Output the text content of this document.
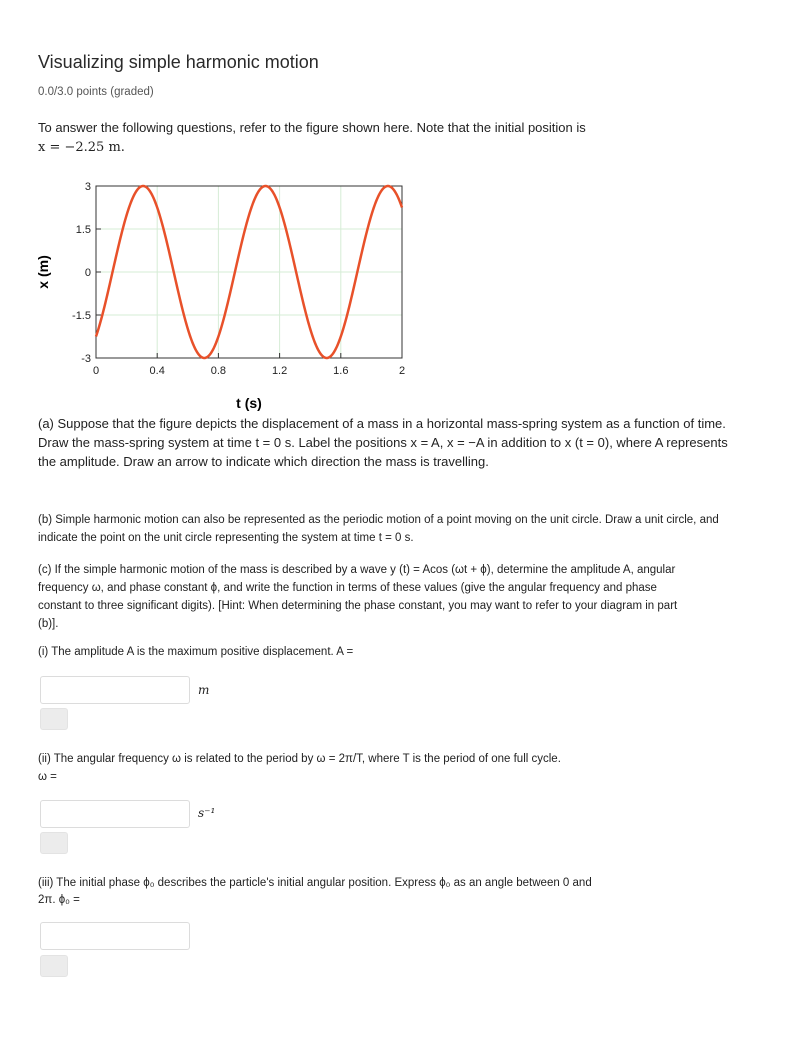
Visualizing simple harmonic motion
0.0/3.0 points (graded)
To answer the following questions, refer to the figure shown here. Note that the initial position is
x = −2.25 m.
0	0.4	0.8	1.2	1.6	2
3
1.5
0
-1.5
-3
t (s)
x (m)
(a) Suppose that the figure depicts the displacement of a mass in a horizontal mass-spring system as a function of time. Draw the mass-spring system at time t = 0 s. Label the positions x = A, x = −A in addition to x (t = 0), where A represents the amplitude. Draw an arrow to indicate which direction the mass is travelling.
(b) Simple harmonic motion can also be represented as the periodic motion of a point moving on the unit circle. Draw a unit circle, and indicate the point on the unit circle representing the system at time t = 0 s.
(c) If the simple harmonic motion of the mass is described by a wave y (t) = Acos (ωt + ϕ), determine the amplitude A, angular frequency ω, and phase constant ϕ, and write the function in terms of these values (give the angular frequency and phase constant to three significant digits). [Hint: When determining the phase constant, you may want to refer to your diagram in part (b)].
(i) The amplitude A is the maximum positive displacement. A =
m
(ii) The angular frequency ω is related to the period by ω = 2π/T, where T is the period of one full cycle.
ω =
s⁻¹
(iii) The initial phase ϕ₀ describes the particle's initial angular position. Express ϕ₀ as an angle between 0 and
2π. ϕ₀ =
